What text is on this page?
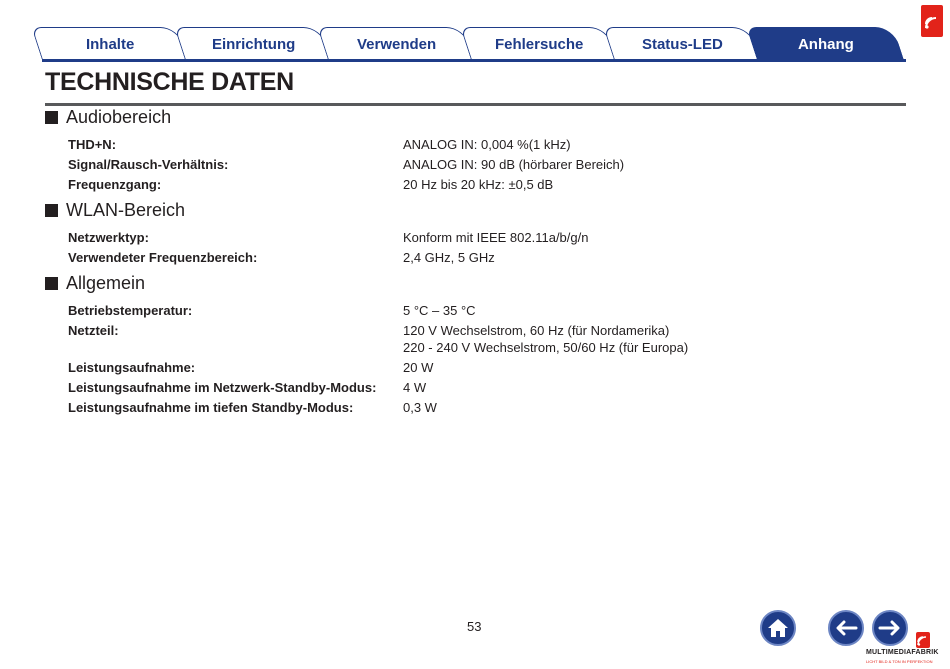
Inhalte	Einrichtung	Verwenden	Fehlersuche	Status-LED	Anhang
TECHNISCHE DATEN
Audiobereich
THD+N:	ANALOG IN: 0,004 %(1 kHz)
Signal/Rausch-Verhältnis:	ANALOG IN: 90 dB (hörbarer Bereich)
Frequenzgang:	20 Hz bis 20 kHz: ±0,5 dB
WLAN-Bereich
Netzwerktyp:	Konform mit IEEE 802.11a/b/g/n
Verwendeter Frequenzbereich:	2,4 GHz, 5 GHz
Allgemein
Betriebstemperatur:	5 °C – 35 °C
Netzteil:	120 V Wechselstrom, 60 Hz (für Nordamerika)
220 - 240 V Wechselstrom, 50/60 Hz (für Europa)
Leistungsaufnahme:	20 W
Leistungsaufnahme im Netzwerk-Standby-Modus: 4 W
Leistungsaufnahme im tiefen Standby-Modus:	0,3 W
53
MULTIMEDIAFABRIK
LICHT BILD & TON IN PERFEKTION
